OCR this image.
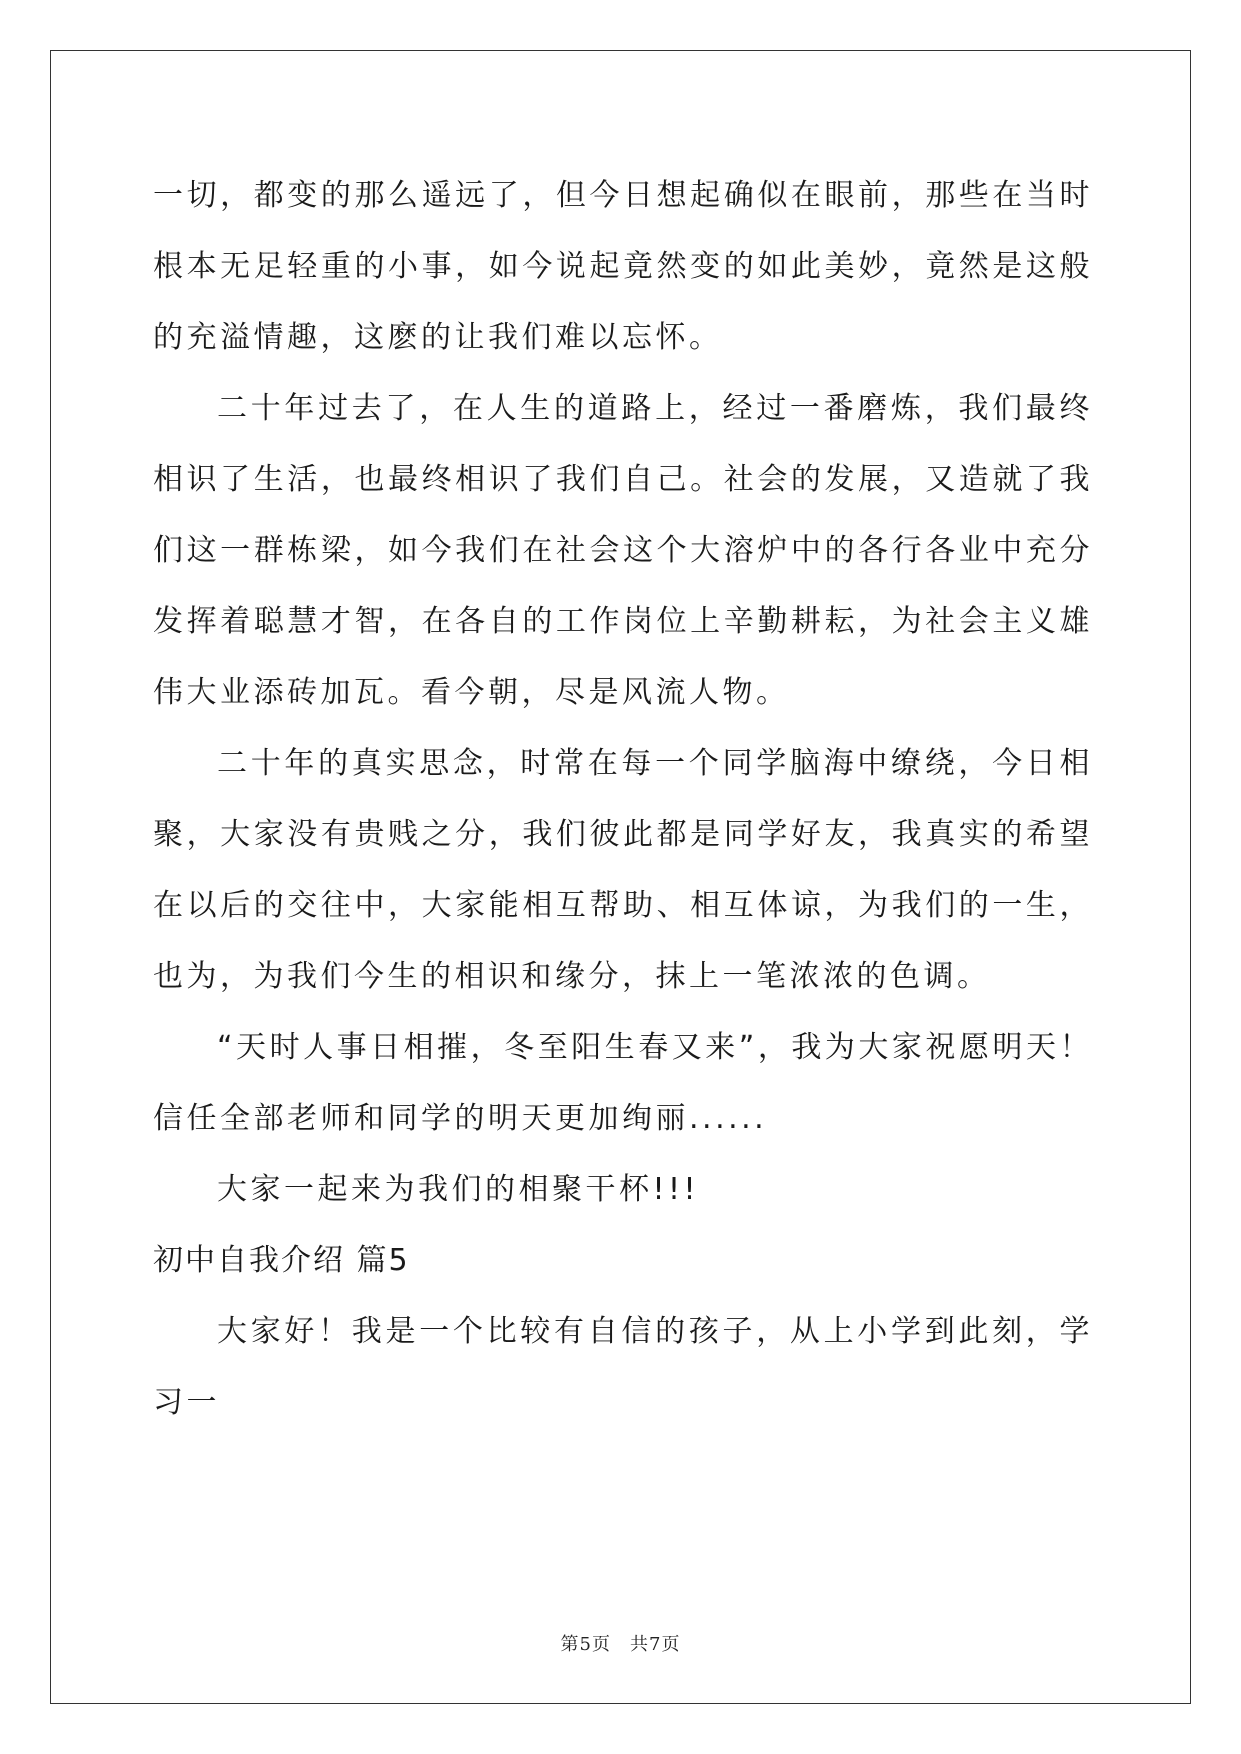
一切，都变的那么遥远了，但今日想起确似在眼前，那些在当时根本无足轻重的小事，如今说起竟然变的如此美妙，竟然是这般的充溢情趣，这麽的让我们难以忘怀。

二十年过去了，在人生的道路上，经过一番磨炼，我们最终相识了生活，也最终相识了我们自己。社会的发展，又造就了我们这一群栋梁，如今我们在社会这个大溶炉中的各行各业中充分发挥着聪慧才智，在各自的工作岗位上辛勤耕耘，为社会主义雄伟大业添砖加瓦。看今朝，尽是风流人物。

二十年的真实思念，时常在每一个同学脑海中缭绕，今日相聚，大家没有贵贱之分，我们彼此都是同学好友，我真实的希望在以后的交往中，大家能相互帮助、相互体谅，为我们的一生，也为，为我们今生的相识和缘分，抹上一笔浓浓的色调。

“天时人事日相摧，冬至阳生春又来”，我为大家祝愿明天！信任全部老师和同学的明天更加绚丽......

大家一起来为我们的相聚干杯!!!

初中自我介绍 篇5

大家好！我是一个比较有自信的孩子，从上小学到此刻，学习一

第5页　共7页
